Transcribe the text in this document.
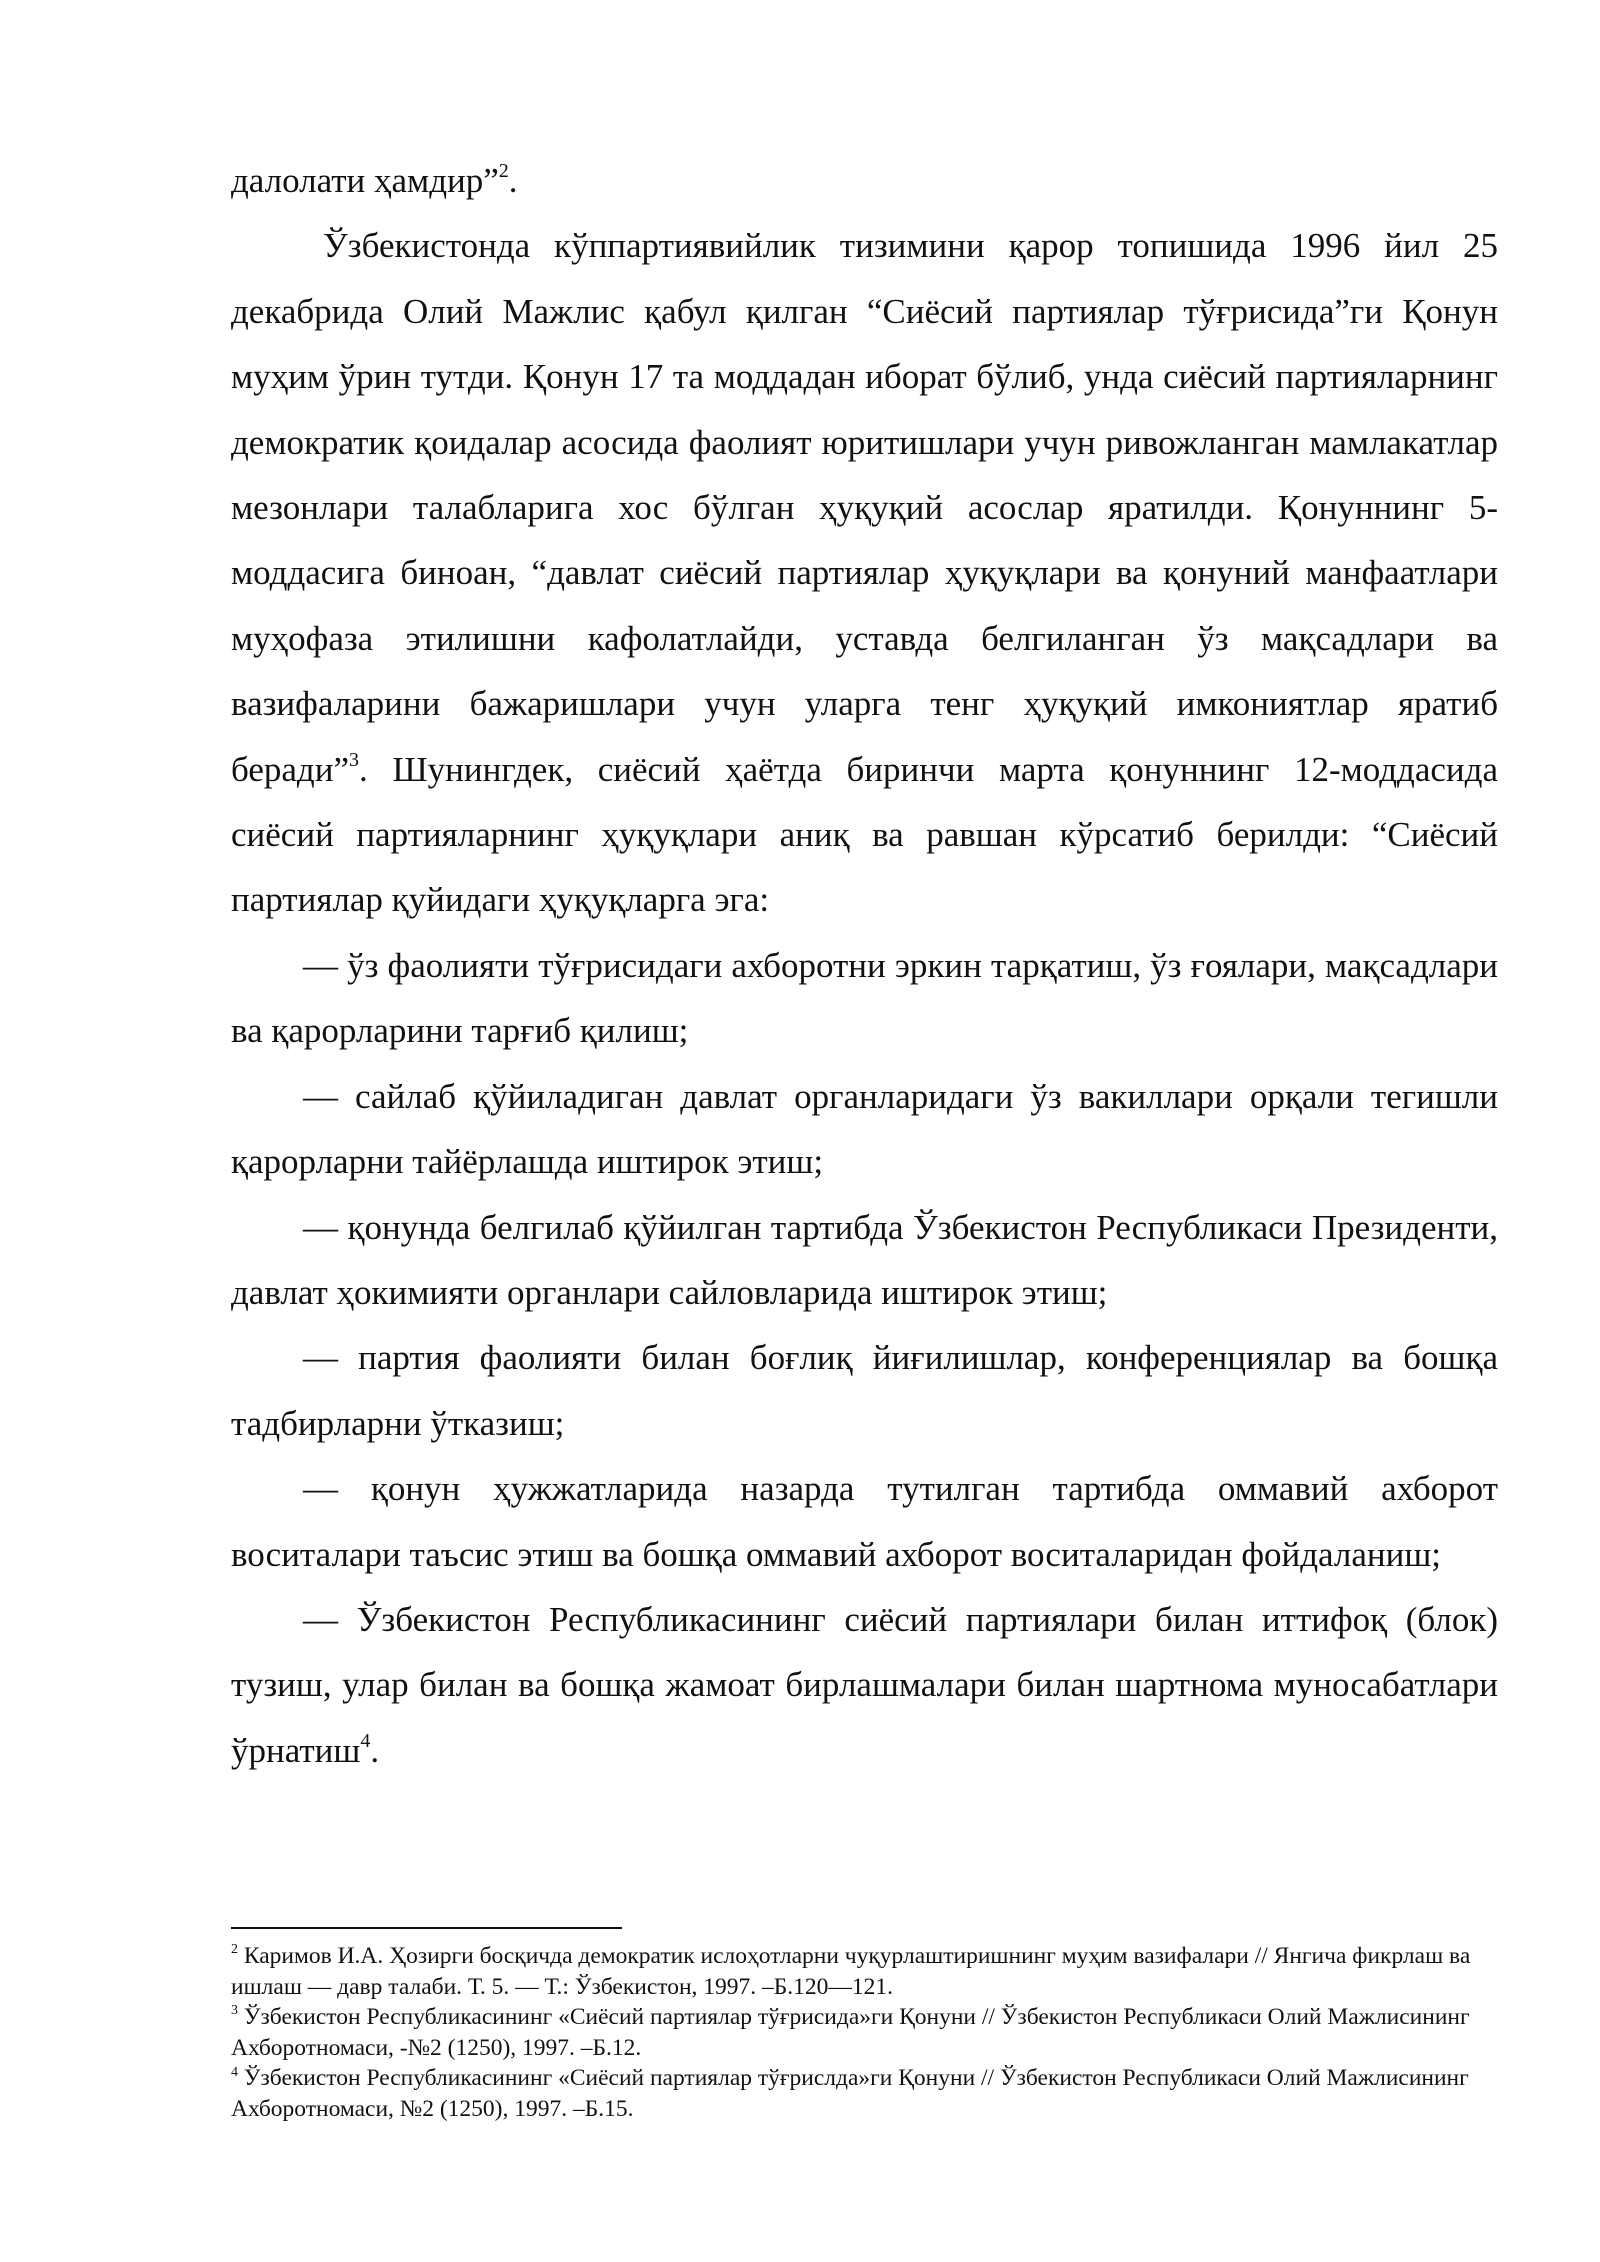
далолати ҳамдир”$^2$.

Ўзбекистонда кўппартиявийлик тизимини қарор топишида 1996 йил 25 декабрида Олий Мажлис қабул қилган “Сиёсий партиялар тўғрисида”ги Қонун муҳим ўрин тутди. Қонун 17 та моддадан иборат бўлиб, унда сиёсий партияларнинг демократик қоидалар асосида фаолият юритишлари учун ривожланган мамлакатлар мезонлари талабларига хос бўлган ҳуқуқий асослар яратилди. Қонуннинг 5-моддасига биноан, “давлат сиёсий партиялар ҳуқуқлари ва қонуний манфаатлари муҳофаза этилишни кафолатлайди, уставда белгиланган ўз мақсадлари ва вазифаларини бажаришлари учун уларга тенг ҳуқуқий имкониятлар яратиб беради”$^3$. Шунингдек, сиёсий ҳаётда биринчи марта қонуннинг 12-моддасида сиёсий партияларнинг ҳуқуқлари аниқ ва равшан кўрсатиб берилди: “Сиёсий партиялар қуйидаги ҳуқуқларга эга:

— ўз фаолияти тўғрисидаги ахборотни эркин тарқатиш, ўз ғоялари, мақсадлари ва қарорларини тарғиб қилиш;

— сайлаб қўйиладиган давлат органларидаги ўз вакиллари орқали тегишли қарорларни тайёрлашда иштирок этиш;

— қонунда белгилаб қўйилган тартибда Ўзбекистон Республикаси Президенти, давлат ҳокимияти органлари сайловларида иштирок этиш;

— партия фаолияти билан боғлиқ йиғилишлар, конференциялар ва бошқа тадбирларни ўтказиш;

— қонун ҳужжатларида назарда тутилган тартибда оммавий ахборот воситалари таъсис этиш ва бошқа оммавий ахборот воситаларидан фойдаланиш;

— Ўзбекистон Республикасининг сиёсий партиялари билан иттифоқ (блок) тузиш, улар билан ва бошқа жамоат бирлашмалари билан шартнома муносабатлари ўрнатиш$^4$.

$^2$ Каримов И.А. Ҳозирги босқичда демократик ислоҳотларни чуқурлаштиришнинг муҳим вазифалари // Янгича фикрлаш ва ишлаш — давр талаби. Т. 5. — Т.: Ўзбекистон, 1997. –Б.120—121.

$^3$ Ўзбекистон Республикасининг «Сиёсий партиялар тўғрисида»ги Қонуни // Ўзбекистон Республикаси Олий Мажлисининг Ахборотномаси, -№2 (1250), 1997. –Б.12.

$^4$ Ўзбекистон Республикасининг «Сиёсий партиялар тўғрислда»ги Қонуни // Ўзбекистон Республикаси Олий Мажлисининг Ахборотномаси, №2 (1250), 1997. –Б.15.
